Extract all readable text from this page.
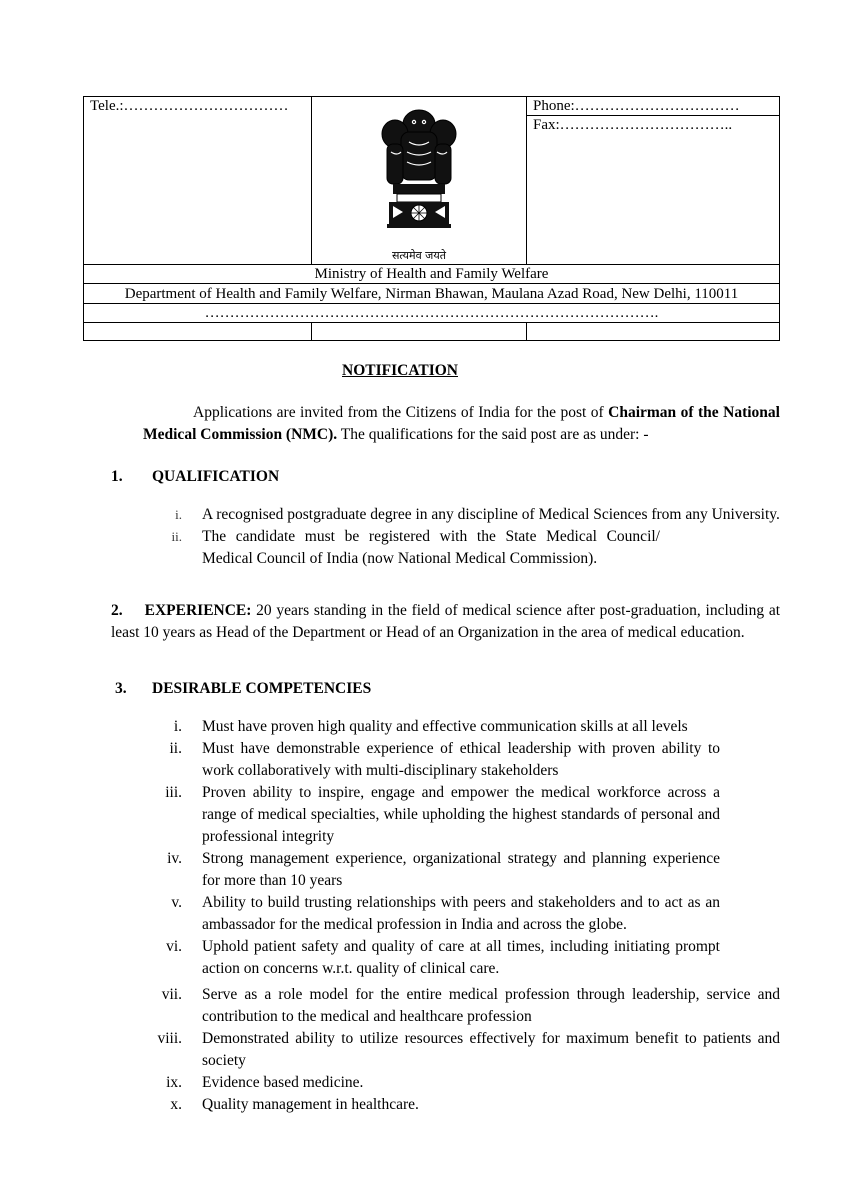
Tele.:……………………………	सत्यमेव जयते	Phone:……………………………
Fax:……………………………..

Ministry of Health and Family Welfare		
Department of Health and Family Welfare, Nirman Bhawan, Maulana Azad Road, New Delhi, 110011		
……………………………………………………………………………….		

NOTIFICATION
Applications are invited from the Citizens of India for the post of Chairman of the National Medical Commission (NMC). The qualifications for the said post are as under: -
1. QUALIFICATION
i. A recognised postgraduate degree in any discipline of Medical Sciences from any University.
ii. The candidate must be registered with the State Medical Council/ Medical Council of India (now National Medical Commission).
2. EXPERIENCE: 20 years standing in the field of medical science after post-graduation, including at least 10 years as Head of the Department or Head of an Organization in the area of medical education.
3. DESIRABLE COMPETENCIES
i. Must have proven high quality and effective communication skills at all levels
ii. Must have demonstrable experience of ethical leadership with proven ability to work collaboratively with multi-disciplinary stakeholders
iii. Proven ability to inspire, engage and empower the medical workforce across a range of medical specialties, while upholding the highest standards of personal and professional integrity
iv. Strong management experience, organizational strategy and planning experience for more than 10 years
v. Ability to build trusting relationships with peers and stakeholders and to act as an ambassador for the medical profession in India and across the globe.
vi. Uphold patient safety and quality of care at all times, including initiating prompt action on concerns w.r.t. quality of clinical care.
vii. Serve as a role model for the entire medical profession through leadership, service and contribution to the medical and healthcare profession
viii. Demonstrated ability to utilize resources effectively for maximum benefit to patients and society
ix. Evidence based medicine.
x. Quality management in healthcare.
